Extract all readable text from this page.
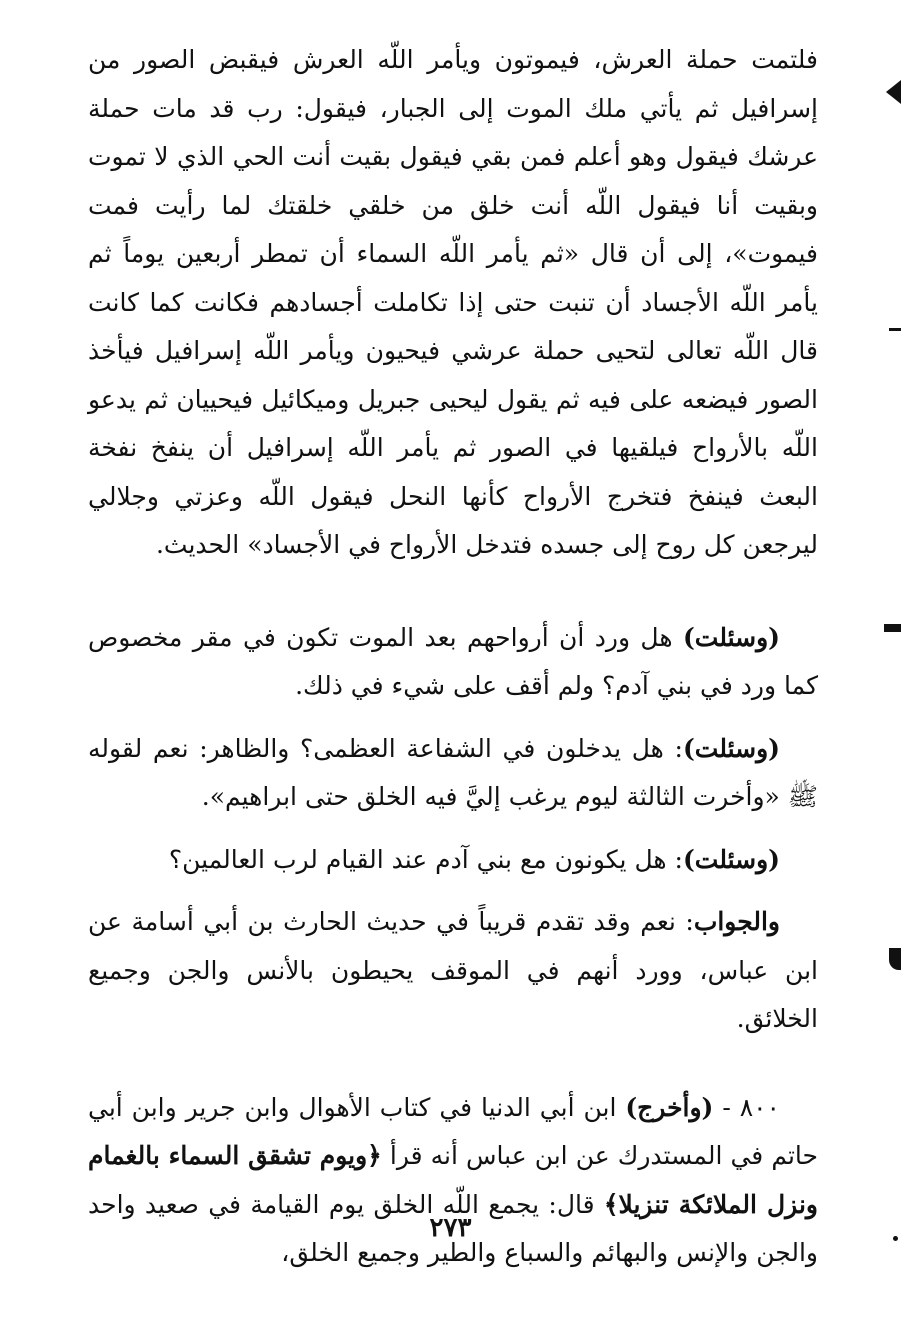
فلتمت حملة العرش، فيموتون ويأمر اللّه العرش فيقبض الصور من إسرافيل ثم يأتي ملك الموت إلى الجبار، فيقول: رب قد مات حملة عرشك فيقول وهو أعلم فمن بقي فيقول بقيت أنت الحي الذي لا تموت وبقيت أنا فيقول اللّه أنت خلق من خلقي خلقتك لما رأيت فمت فيموت»، إلى أن قال «ثم يأمر اللّه السماء أن تمطر أربعين يوماً ثم يأمر اللّه الأجساد أن تنبت حتى إذا تكاملت أجسادهم فكانت كما كانت قال اللّه تعالى لتحيى حملة عرشي فيحيون ويأمر اللّه إسرافيل فيأخذ الصور فيضعه على فيه ثم يقول ليحيى جبريل وميكائيل فيحييان ثم يدعو اللّه بالأرواح فيلقيها في الصور ثم يأمر اللّه إسرافيل أن ينفخ نفخة البعث فينفخ فتخرج الأرواح كأنها النحل فيقول اللّه وعزتي وجلالي ليرجعن كل روح إلى جسده فتدخل الأرواح في الأجساد» الحديث.

(وسئلت) هل ورد أن أرواحهم بعد الموت تكون في مقر مخصوص كما ورد في بني آدم؟ ولم أقف على شيء في ذلك.

(وسئلت): هل يدخلون في الشفاعة العظمى؟ والظاهر: نعم لقوله ﷺ «وأخرت الثالثة ليوم يرغب إليَّ فيه الخلق حتى ابراهيم».

(وسئلت): هل يكونون مع بني آدم عند القيام لرب العالمين؟

والجواب: نعم وقد تقدم قريباً في حديث الحارث بن أبي أسامة عن ابن عباس، وورد أنهم في الموقف يحيطون بالأنس والجن وجميع الخلائق.

٨٠٠ - (وأخرج) ابن أبي الدنيا في كتاب الأهوال وابن جرير وابن أبي حاتم في المستدرك عن ابن عباس أنه قرأ ﴿ويوم تشقق السماء بالغمام ونزل الملائكة تنزيلا﴾ قال: يجمع اللّه الخلق يوم القيامة في صعيد واحد والجن والإنس والبهائم والسباع والطير وجميع الخلق،

٢٧٣
